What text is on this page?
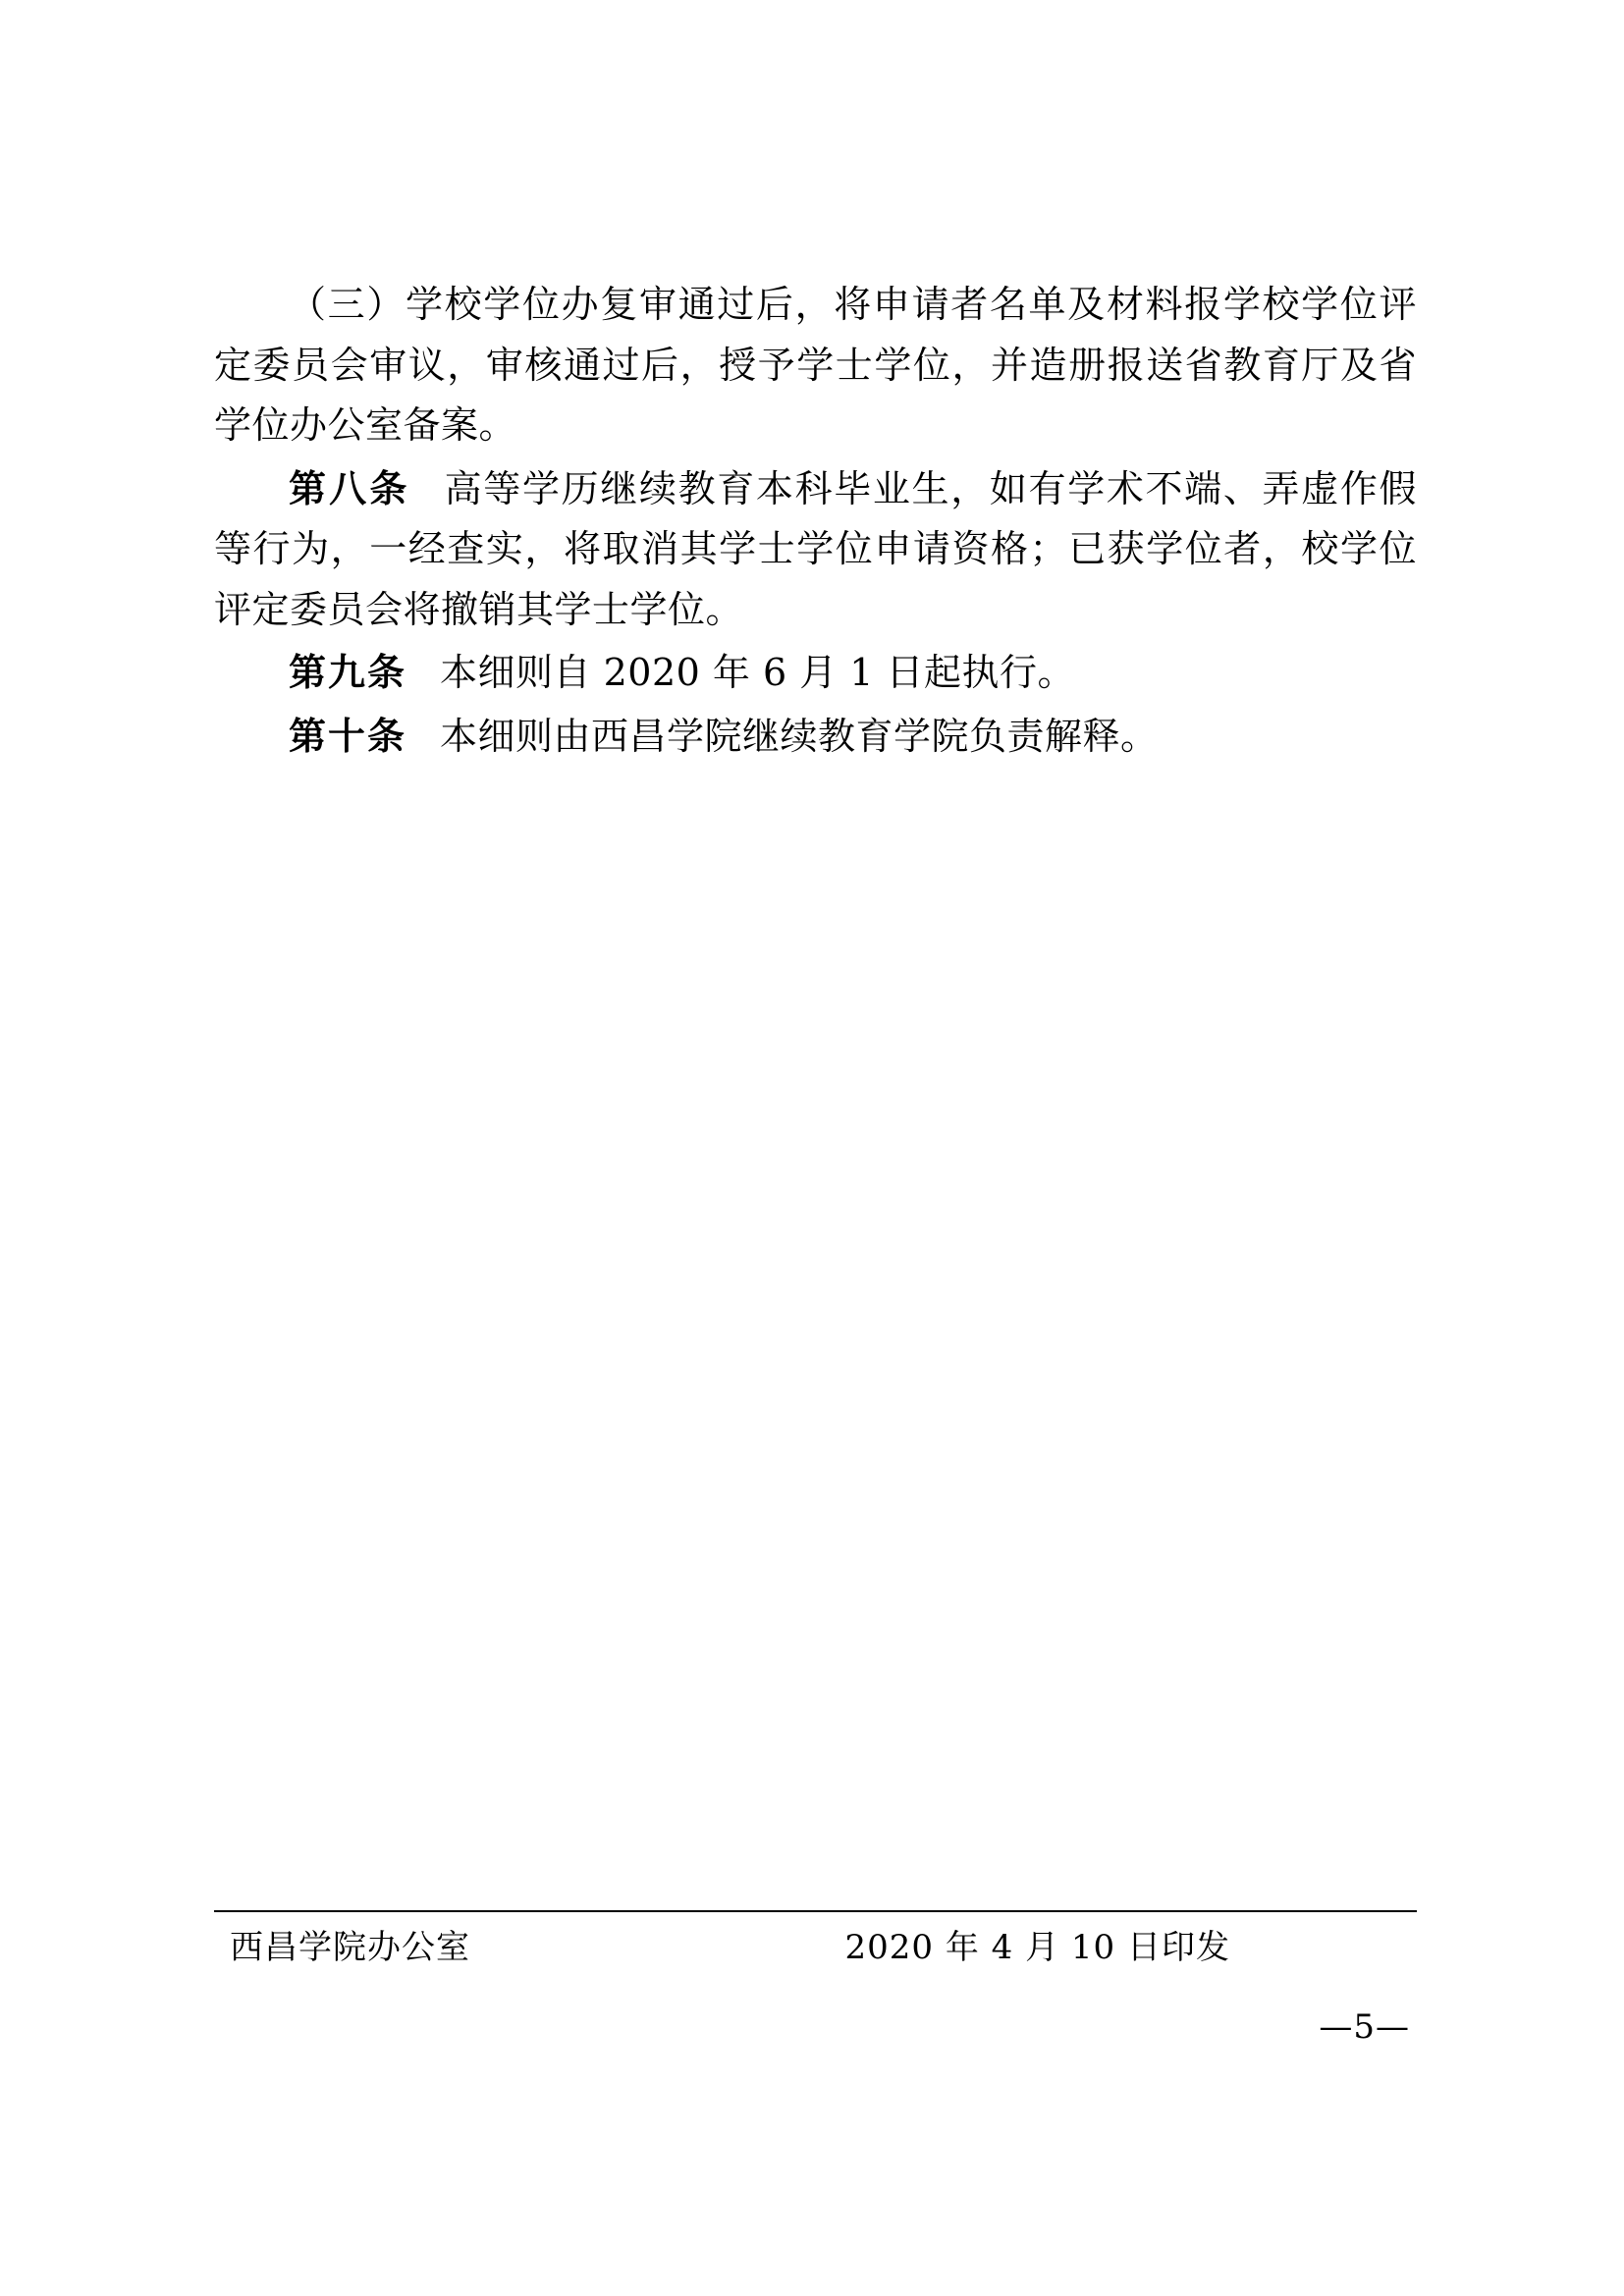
（三）学校学位办复审通过后，将申请者名单及材料报学校学位评定委员会审议，审核通过后，授予学士学位，并造册报送省教育厅及省学位办公室备案。

第八条 高等学历继续教育本科毕业生，如有学术不端、弄虚作假等行为，一经查实，将取消其学士学位申请资格；已获学位者，校学位评定委员会将撤销其学士学位。

第九条 本细则自 2020 年 6 月 1 日起执行。

第十条 本细则由西昌学院继续教育学院负责解释。

西昌学院办公室	2020 年 4 月 10 日印发
—5—
